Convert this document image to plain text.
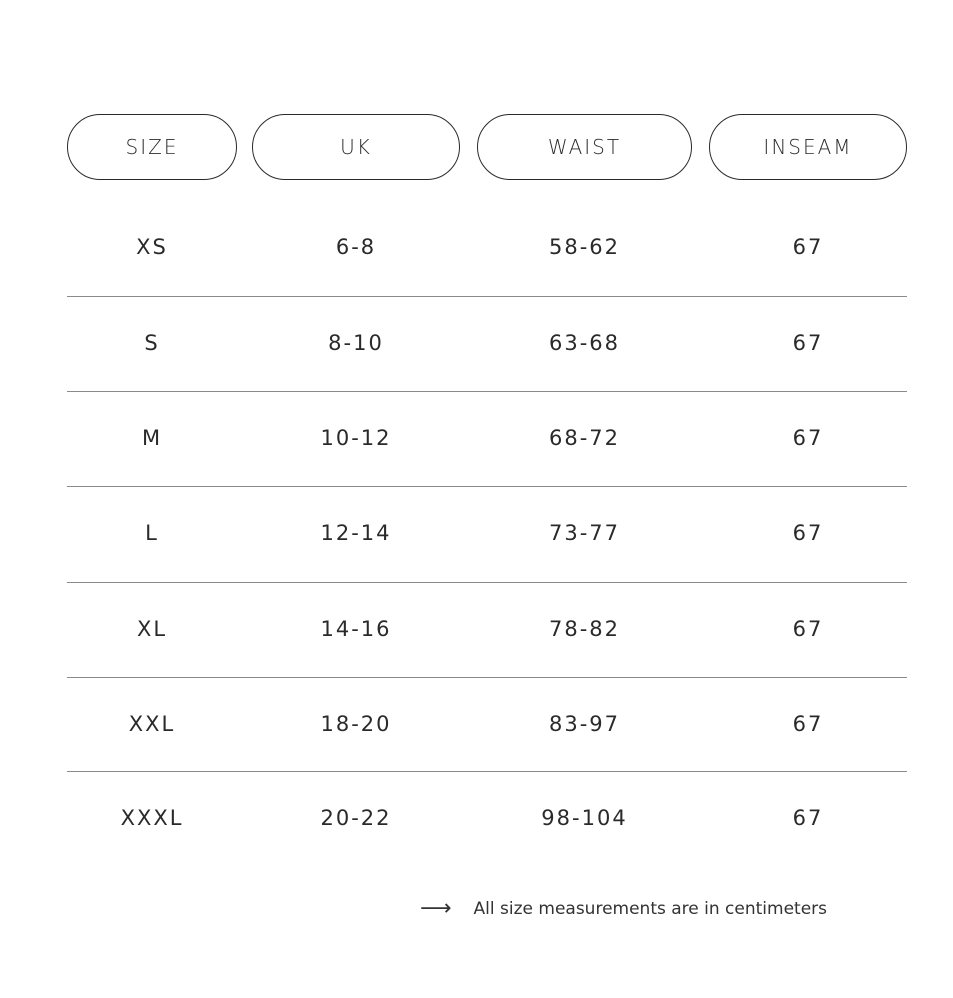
SIZE	UK	WAIST	INSEAM
XS	6-8	58-62	67
S	8-10	63-68	67
M	10-12	68-72	67
L	12-14	73-77	67
XL	14-16	78-82	67
XXL	18-20	83-97	67
XXXL	20-22	98-104	67
⟶ All size measurements are in centimeters
